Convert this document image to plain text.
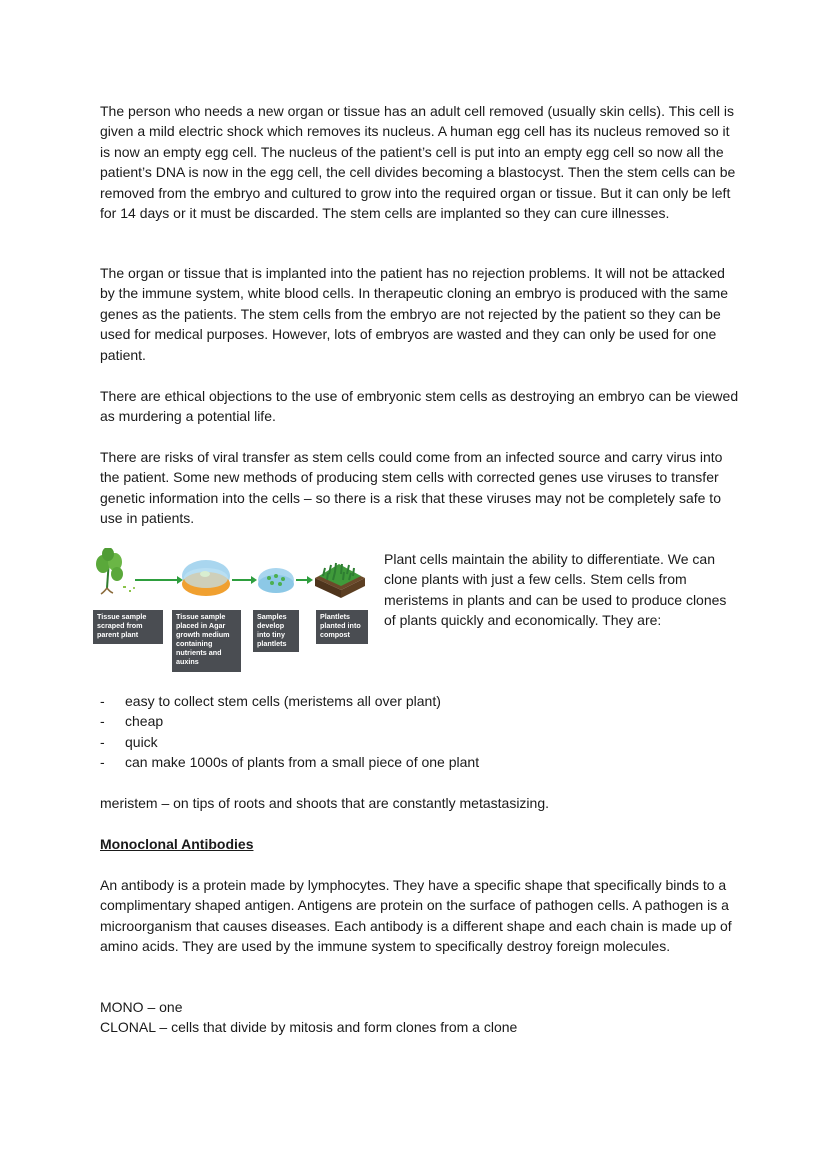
The person who needs a new organ or tissue has an adult cell removed (usually skin cells). This cell is given a mild electric shock which removes its nucleus. A human egg cell has its nucleus removed so it is now an empty egg cell. The nucleus of the patient’s cell is put into an empty egg cell so now all the patient’s DNA is now in the egg cell, the cell divides becoming a blastocyst. Then the stem cells can be removed from the embryo and cultured to grow into the required organ or tissue. But it can only be left for 14 days or it must be discarded. The stem cells are implanted so they can cure illnesses.

The organ or tissue that is implanted into the patient has no rejection problems. It will not be attacked by the immune system, white blood cells. In therapeutic cloning an embryo is produced with the same genes as the patients. The stem cells from the embryo are not rejected by the patient so they can be used for medical purposes. However, lots of embryos are wasted and they can only be used for one patient.

There are ethical objections to the use of embryonic stem cells as destroying an embryo can be viewed as murdering a potential life.

There are risks of viral transfer as stem cells could come from an infected source and carry virus into the patient. Some new methods of producing stem cells with corrected genes use viruses to transfer genetic information into the cells – so there is a risk that these viruses may not be completely safe to use in patients.

Tissue sample scraped from parent plant
Tissue sample placed in Agar growth medium containing nutrients and auxins
Samples develop into tiny plantlets
Plantlets planted into compost

Plant cells maintain the ability to differentiate. We can clone plants with just a few cells. Stem cells from meristems in plants and can be used to produce clones of plants quickly and economically. They are:

- easy to collect stem cells (meristems all over plant)
- cheap
- quick
- can make 1000s of plants from a small piece of one plant

meristem – on tips of roots and shoots that are constantly metastasizing.

Monoclonal Antibodies

An antibody is a protein made by lymphocytes. They have a specific shape that specifically binds to a complimentary shaped antigen. Antigens are protein on the surface of pathogen cells. A pathogen is a microorganism that causes diseases. Each antibody is a different shape and each chain is made up of amino acids. They are used by the immune system to specifically destroy foreign molecules.

MONO – one
CLONAL – cells that divide by mitosis and form clones from a clone
